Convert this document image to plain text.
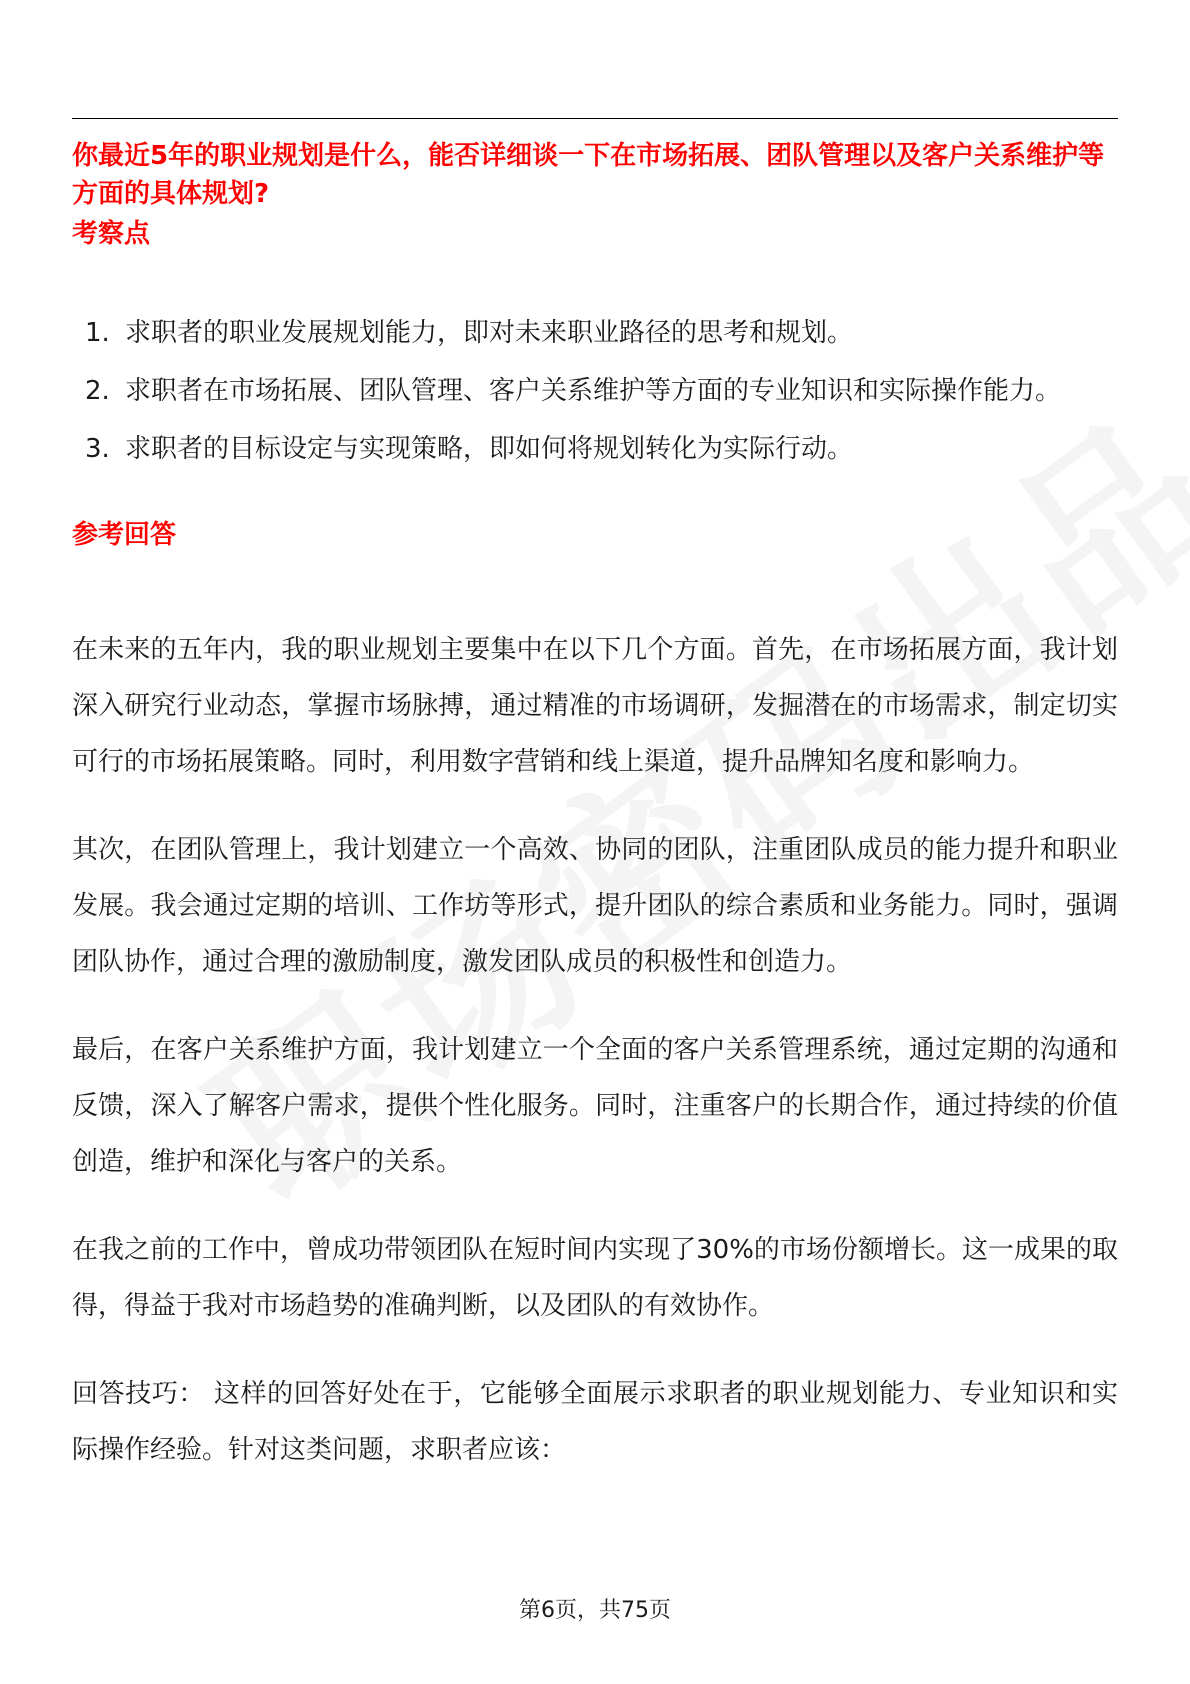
你最近5年的职业规划是什么，能否详细谈一下在市场拓展、团队管理以及客户关系维护等方面的具体规划?
考察点
1. 求职者的职业发展规划能力，即对未来职业路径的思考和规划。
2. 求职者在市场拓展、团队管理、客户关系维护等方面的专业知识和实际操作能力。
3. 求职者的目标设定与实现策略，即如何将规划转化为实际行动。
参考回答

在未来的五年内，我的职业规划主要集中在以下几个方面。首先，在市场拓展方面，我计划深入研究行业动态，掌握市场脉搏，通过精准的市场调研，发掘潜在的市场需求，制定切实可行的市场拓展策略。同时，利用数字营销和线上渠道，提升品牌知名度和影响力。

其次，在团队管理上，我计划建立一个高效、协同的团队，注重团队成员的能力提升和职业发展。我会通过定期的培训、工作坊等形式，提升团队的综合素质和业务能力。同时，强调团队协作，通过合理的激励制度，激发团队成员的积极性和创造力。

最后，在客户关系维护方面，我计划建立一个全面的客户关系管理系统，通过定期的沟通和反馈，深入了解客户需求，提供个性化服务。同时，注重客户的长期合作，通过持续的价值创造，维护和深化与客户的关系。

在我之前的工作中，曾成功带领团队在短时间内实现了30%的市场份额增长。这一成果的取得，得益于我对市场趋势的准确判断，以及团队的有效协作。

回答技巧： 这样的回答好处在于，它能够全面展示求职者的职业规划能力、专业知识和实际操作经验。针对这类问题，求职者应该：

第6页，共75页
